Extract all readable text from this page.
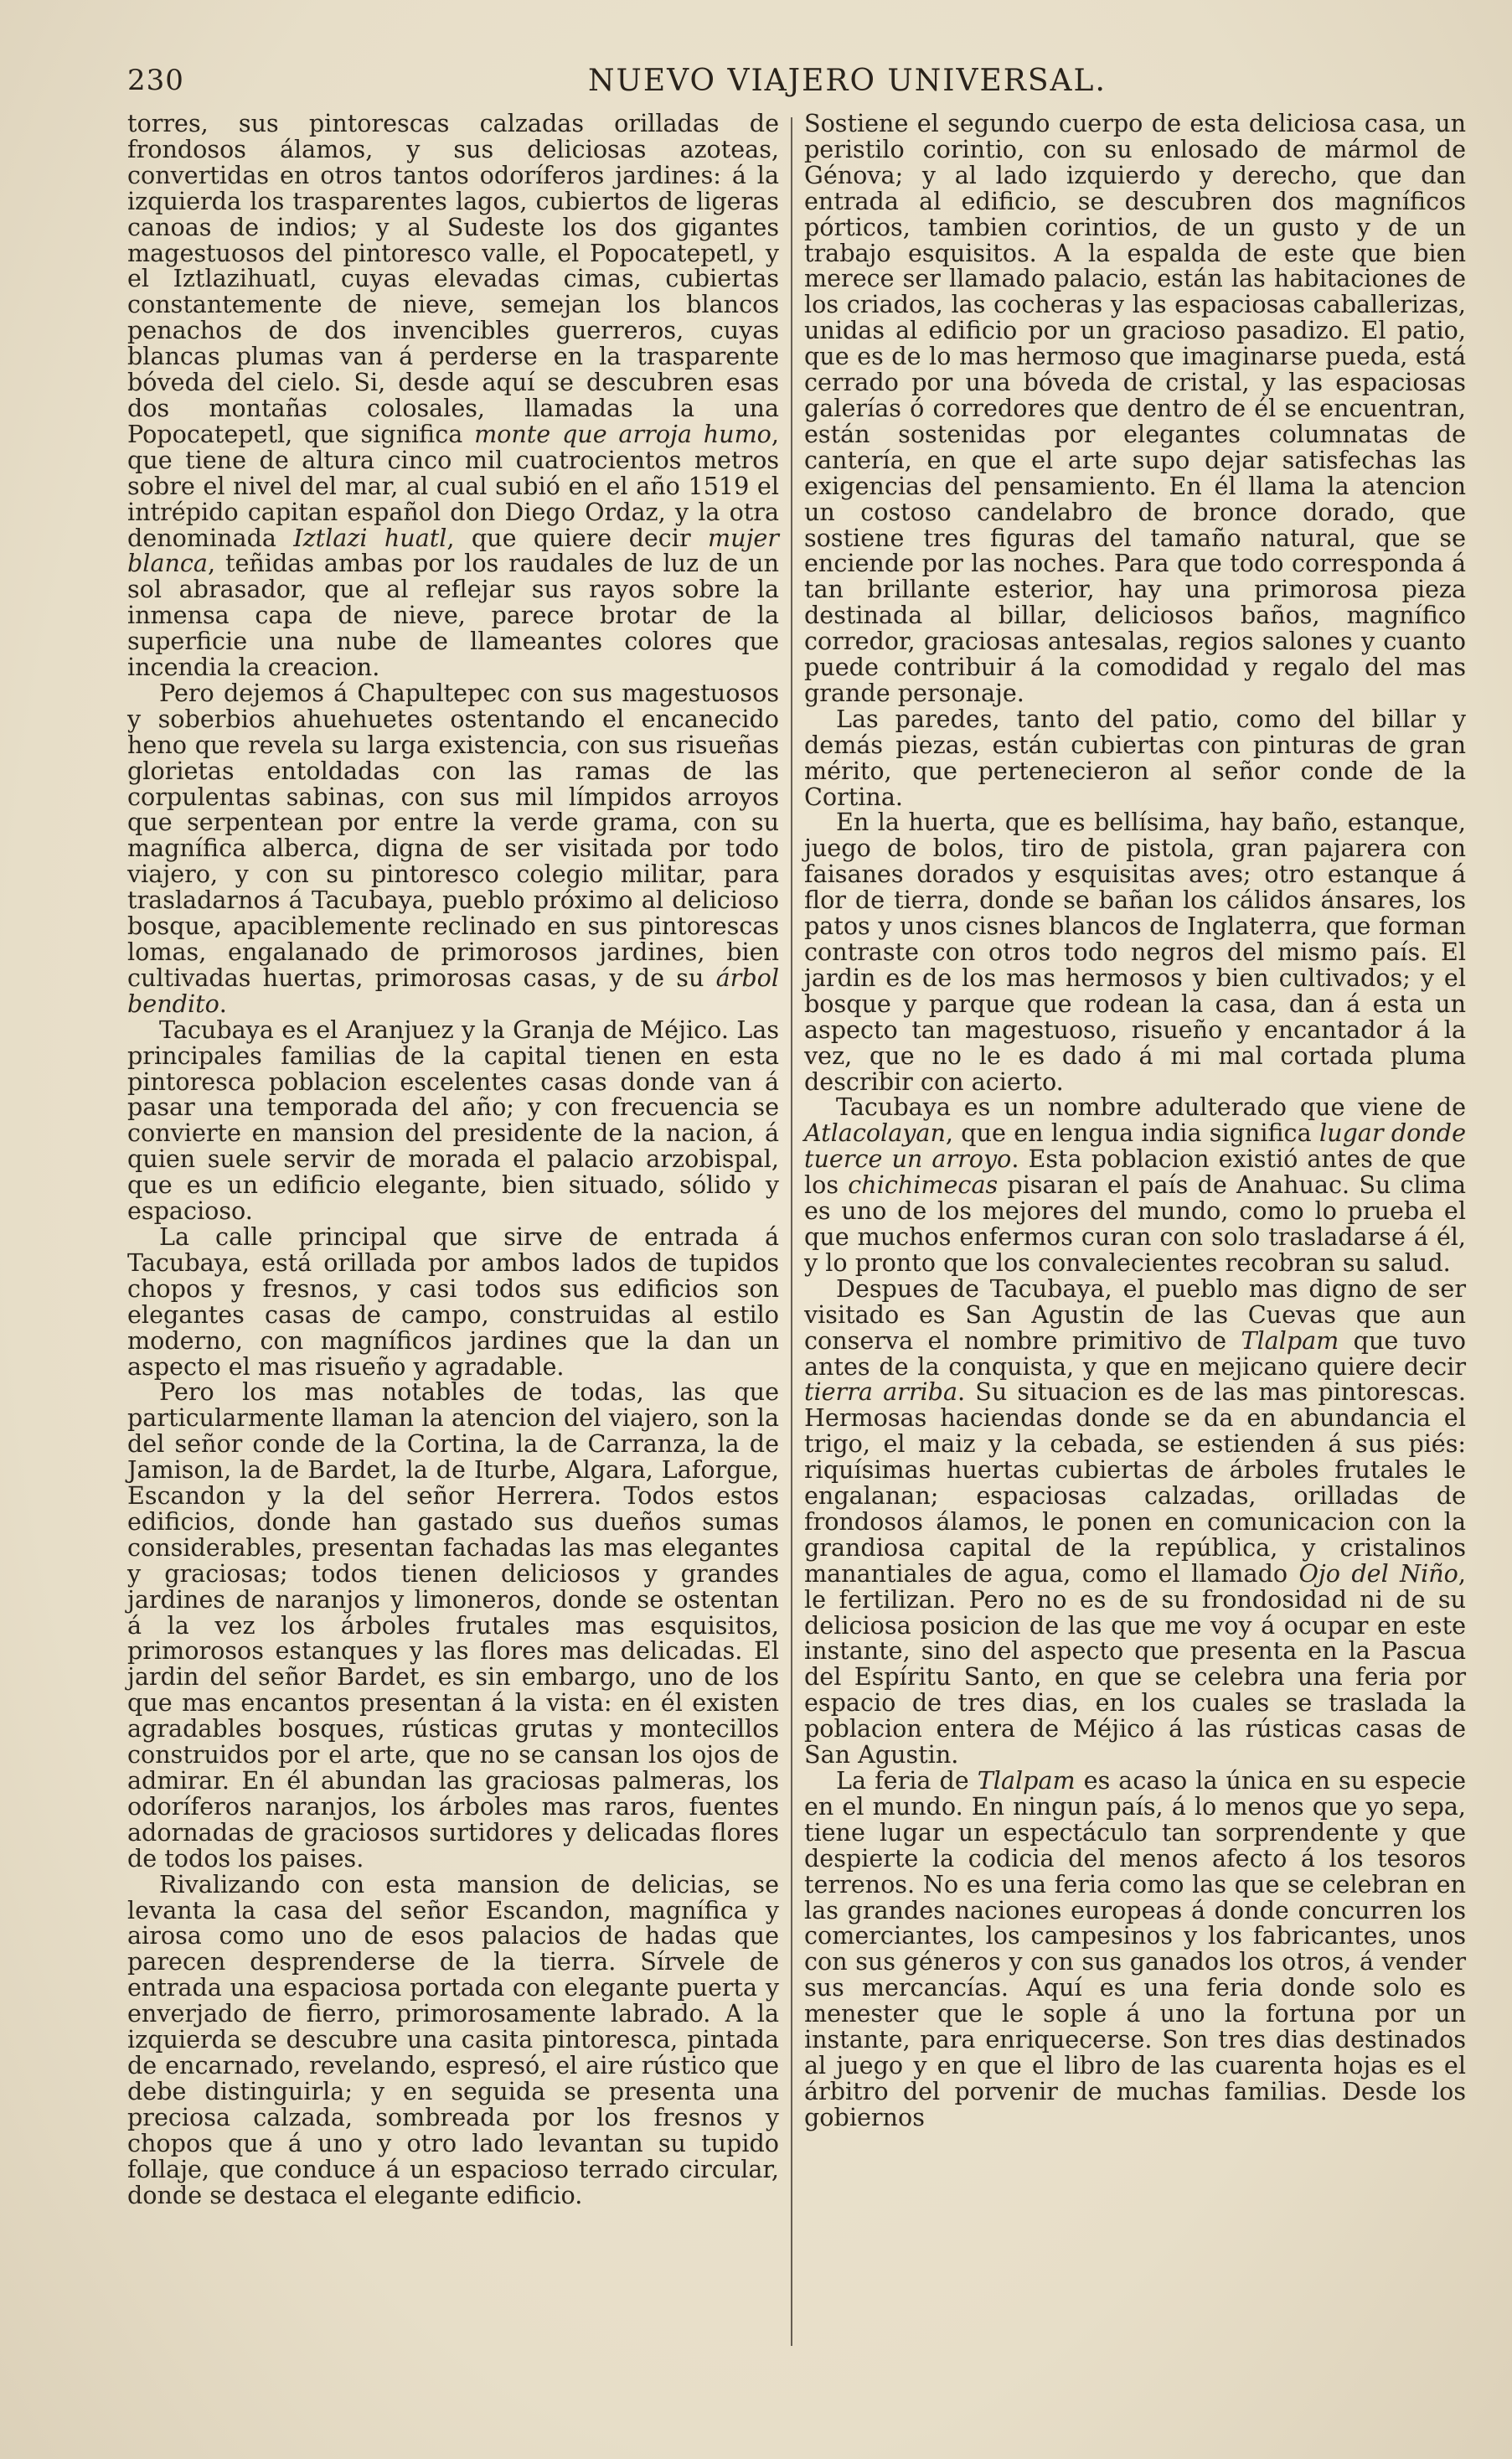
230	NUEVO VIAJERO UNIVERSAL.

torres, sus pintorescas calzadas orilladas de frondosos álamos, y sus deliciosas azoteas, convertidas en otros tantos odoríferos jardines: á la izquierda los trasparentes lagos, cubiertos de ligeras canoas de indios; y al Sudeste los dos gigantes magestuosos del pintoresco valle, el Popocatepetl, y el Iztlazihuatl, cuyas elevadas cimas, cubiertas constantemente de nieve, semejan los blancos penachos de dos invencibles guerreros, cuyas blancas plumas van á perderse en la trasparente bóveda del cielo. Si, desde aquí se descubren esas dos montañas colosales, llamadas la una Popocatepetl, que significa monte que arroja humo, que tiene de altura cinco mil cuatrocientos metros sobre el nivel del mar, al cual subió en el año 1519 el intrépido capitan español don Diego Ordaz, y la otra denominada Iztlazi huatl, que quiere decir mujer blanca, teñidas ambas por los raudales de luz de un sol abrasador, que al reflejar sus rayos sobre la inmensa capa de nieve, parece brotar de la superficie una nube de llameantes colores que incendia la creacion.

Pero dejemos á Chapultepec con sus magestuosos y soberbios ahuehuetes ostentando el encanecido heno que revela su larga existencia, con sus risueñas glorietas entoldadas con las ramas de las corpulentas sabinas, con sus mil límpidos arroyos que serpentean por entre la verde grama, con su magnífica alberca, digna de ser visitada por todo viajero, y con su pintoresco colegio militar, para trasladarnos á Tacubaya, pueblo próximo al delicioso bosque, apaciblemente reclinado en sus pintorescas lomas, engalanado de primorosos jardines, bien cultivadas huertas, primorosas casas, y de su árbol bendito.

Tacubaya es el Aranjuez y la Granja de Méjico. Las principales familias de la capital tienen en esta pintoresca poblacion escelentes casas donde van á pasar una temporada del año; y con frecuencia se convierte en mansion del presidente de la nacion, á quien suele servir de morada el palacio arzobispal, que es un edificio elegante, bien situado, sólido y espacioso.

La calle principal que sirve de entrada á Tacubaya, está orillada por ambos lados de tupidos chopos y fresnos, y casi todos sus edificios son elegantes casas de campo, construidas al estilo moderno, con magníficos jardines que la dan un aspecto el mas risueño y agradable.

Pero los mas notables de todas, las que particularmente llaman la atencion del viajero, son la del señor conde de la Cortina, la de Carranza, la de Jamison, la de Bardet, la de Iturbe, Algara, Laforgue, Escandon y la del señor Herrera. Todos estos edificios, donde han gastado sus dueños sumas considerables, presentan fachadas las mas elegantes y graciosas; todos tienen deliciosos y grandes jardines de naranjos y limoneros, donde se ostentan á la vez los árboles frutales mas esquisitos, primorosos estanques y las flores mas delicadas. El jardin del señor Bardet, es sin embargo, uno de los que mas encantos presentan á la vista: en él existen agradables bosques, rústicas grutas y montecillos construidos por el arte, que no se cansan los ojos de admirar. En él abundan las graciosas palmeras, los odoríferos naranjos, los árboles mas raros, fuentes adornadas de graciosos surtidores y delicadas flores de todos los paises.

Rivalizando con esta mansion de delicias, se levanta la casa del señor Escandon, magnífica y airosa como uno de esos palacios de hadas que parecen desprenderse de la tierra. Sírvele de entrada una espaciosa portada con elegante puerta y enverjado de fierro, primorosamente labrado. A la izquierda se descubre una casita pintoresca, pintada de encarnado, revelando, espresó, el aire rústico que debe distinguirla; y en seguida se presenta una preciosa calzada, sombreada por los fresnos y chopos que á uno y otro lado levantan su tupido follaje, que conduce á un espacioso terrado circular, donde se destaca el elegante edificio.

Sostiene el segundo cuerpo de esta deliciosa casa, un peristilo corintio, con su enlosado de mármol de Génova; y al lado izquierdo y derecho, que dan entrada al edificio, se descubren dos magníficos pórticos, tambien corintios, de un gusto y de un trabajo esquisitos. A la espalda de este que bien merece ser llamado palacio, están las habitaciones de los criados, las cocheras y las espaciosas caballerizas, unidas al edificio por un gracioso pasadizo. El patio, que es de lo mas hermoso que imaginarse pueda, está cerrado por una bóveda de cristal, y las espaciosas galerías ó corredores que dentro de él se encuentran, están sostenidas por elegantes columnatas de cantería, en que el arte supo dejar satisfechas las exigencias del pensamiento. En él llama la atencion un costoso candelabro de bronce dorado, que sostiene tres figuras del tamaño natural, que se enciende por las noches. Para que todo corresponda á tan brillante esterior, hay una primorosa pieza destinada al billar, deliciosos baños, magnífico corredor, graciosas antesalas, regios salones y cuanto puede contribuir á la comodidad y regalo del mas grande personaje.

Las paredes, tanto del patio, como del billar y demás piezas, están cubiertas con pinturas de gran mérito, que pertenecieron al señor conde de la Cortina.

En la huerta, que es bellísima, hay baño, estanque, juego de bolos, tiro de pistola, gran pajarera con faisanes dorados y esquisitas aves; otro estanque á flor de tierra, donde se bañan los cálidos ánsares, los patos y unos cisnes blancos de Inglaterra, que forman contraste con otros todo negros del mismo país. El jardin es de los mas hermosos y bien cultivados; y el bosque y parque que rodean la casa, dan á esta un aspecto tan magestuoso, risueño y encantador á la vez, que no le es dado á mi mal cortada pluma describir con acierto.

Tacubaya es un nombre adulterado que viene de Atlacolayan, que en lengua india significa lugar donde tuerce un arroyo. Esta poblacion existió antes de que los chichimecas pisaran el país de Anahuac. Su clima es uno de los mejores del mundo, como lo prueba el que muchos enfermos curan con solo trasladarse á él, y lo pronto que los convalecientes recobran su salud.

Despues de Tacubaya, el pueblo mas digno de ser visitado es San Agustin de las Cuevas que aun conserva el nombre primitivo de Tlalpam que tuvo antes de la conquista, y que en mejicano quiere decir tierra arriba. Su situacion es de las mas pintorescas. Hermosas haciendas donde se da en abundancia el trigo, el maiz y la cebada, se estienden á sus piés: riquísimas huertas cubiertas de árboles frutales le engalanan; espaciosas calzadas, orilladas de frondosos álamos, le ponen en comunicacion con la grandiosa capital de la república, y cristalinos manantiales de agua, como el llamado Ojo del Niño, le fertilizan. Pero no es de su frondosidad ni de su deliciosa posicion de las que me voy á ocupar en este instante, sino del aspecto que presenta en la Pascua del Espíritu Santo, en que se celebra una feria por espacio de tres dias, en los cuales se traslada la poblacion entera de Méjico á las rústicas casas de San Agustin.

La feria de Tlalpam es acaso la única en su especie en el mundo. En ningun país, á lo menos que yo sepa, tiene lugar un espectáculo tan sorprendente y que despierte la codicia del menos afecto á los tesoros terrenos. No es una feria como las que se celebran en las grandes naciones europeas á donde concurren los comerciantes, los campesinos y los fabricantes, unos con sus géneros y con sus ganados los otros, á vender sus mercancías. Aquí es una feria donde solo es menester que le sople á uno la fortuna por un instante, para enriquecerse. Son tres dias destinados al juego y en que el libro de las cuarenta hojas es el árbitro del porvenir de muchas familias. Desde los gobiernos
